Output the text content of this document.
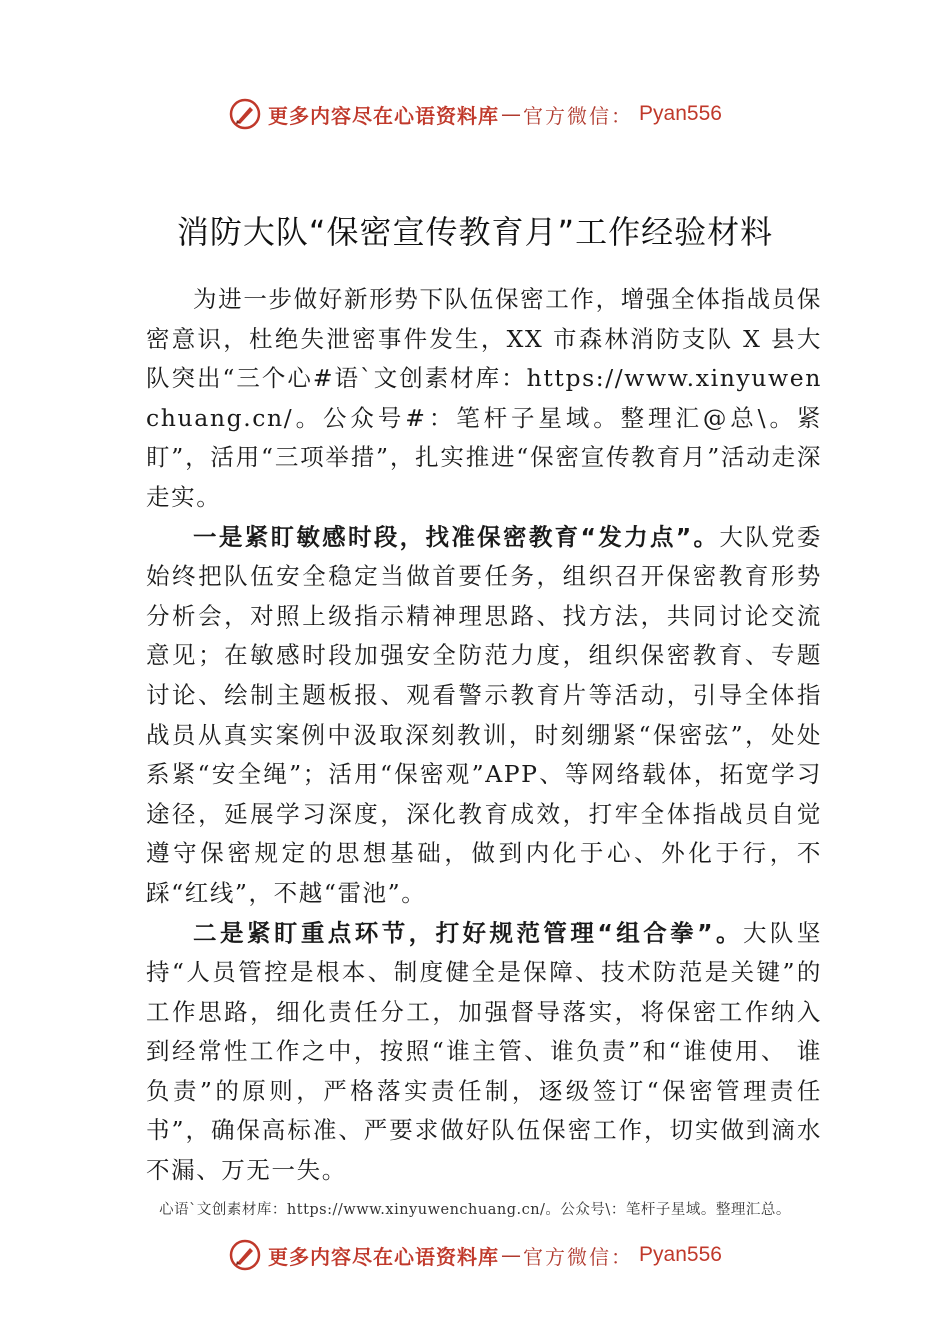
更多内容尽在心语资料库 — 官方微信： Pyan556
消防大队“保密宣传教育月”工作经验材料

为进一步做好新形势下队伍保密工作，增强全体指战员保密意识，杜绝失泄密事件发生，XX 市森林消防支队 X 县大队突出“三个心#语`文创素材库：https://www.xinyuwenchuang.cn/。公众号#：笔杆子星域。整理汇@总\。紧盯”，活用“三项举措”，扎实推进“保密宣传教育月”活动走深走实。

一是紧盯敏感时段，找准保密教育“发力点”。大队党委 始终把队伍安全稳定当做首要任务，组织召开保密教育形势分析会，对照上级指示精神理思路、找方法，共同讨论交流意见；在敏感时段加强安全防范力度，组织保密教育、专题讨论、绘制主题板报、观看警示教育片等活动，引导全体指战员从真实案例中汲取深刻教训，时刻绷紧“保密弦”，处处系紧“安全绳”；活用“保密观”APP、等网络载体，拓宽学习途径，延展学习深度，深化教育成效，打牢全体指战员自觉遵守保密规定的思想基础，做到内化于心、外化于行，不踩“红线”，不越“雷池”。

二是紧盯重点环节，打好规范管理“组合拳”。大队坚持“人员管控是根本、制度健全是保障、技术防范是关键”的工作思路，细化责任分工，加强督导落实，将保密工作纳入到经常性工作之中，按照“谁主管、谁负责”和“谁使用、 谁负责”的原则，严格落实责任制，逐级签订“保密管理责任书”，确保高标准、严要求做好队伍保密工作，切实做到滴水不漏、万无一失。

心语`文创素材库：https://www.xinyuwenchuang.cn/。公众号\：笔杆子星域。整理汇总。
更多内容尽在心语资料库 — 官方微信： Pyan556
